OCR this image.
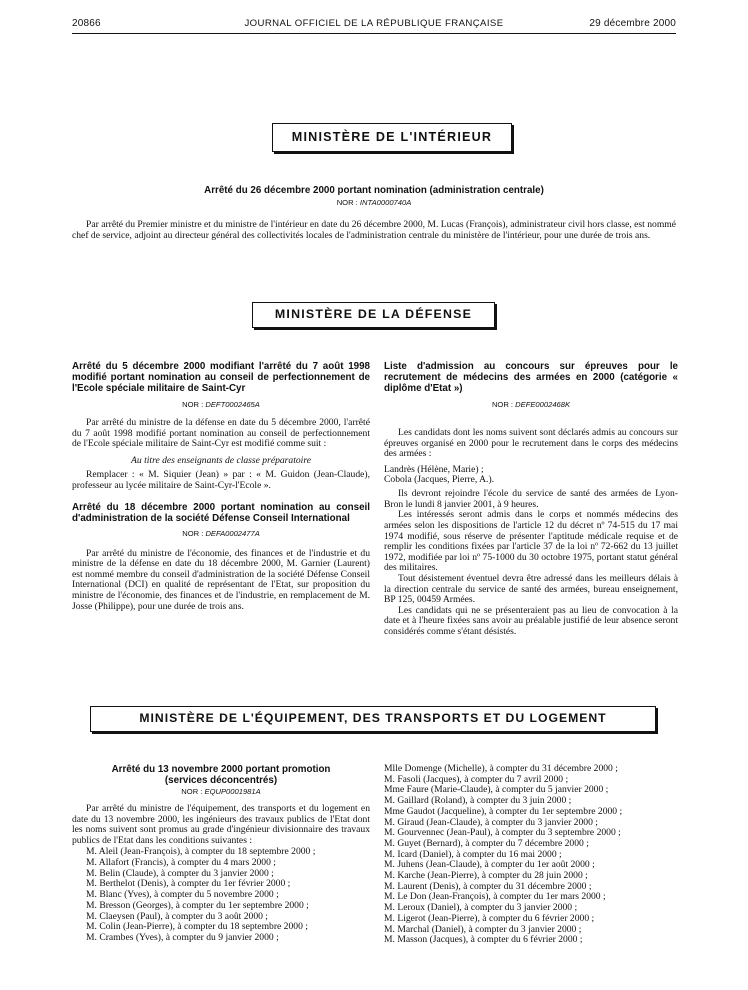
20866	JOURNAL OFFICIEL DE LA RÉPUBLIQUE FRANÇAISE	29 décembre 2000
MINISTÈRE DE L'INTÉRIEUR
Arrêté du 26 décembre 2000 portant nomination (administration centrale)
NOR : INTA0000740A

Par arrêté du Premier ministre et du ministre de l'intérieur en date du 26 décembre 2000, M. Lucas (François), administrateur civil hors classe, est nommé chef de service, adjoint au directeur général des collectivités locales de l'administration centrale du ministère de l'intérieur, pour une durée de trois ans.

MINISTÈRE DE LA DÉFENSE
Arrêté du 5 décembre 2000 modifiant l'arrêté du 7 août 1998 modifié portant nomination au conseil de perfectionnement de l'Ecole spéciale militaire de Saint-Cyr
NOR : DEFT0002465A

Par arrêté du ministre de la défense en date du 5 décembre 2000, l'arrêté du 7 août 1998 modifié portant nomination au conseil de perfectionnement de l'Ecole spéciale militaire de Saint-Cyr est modifié comme suit :

Au titre des enseignants de classe préparatoire

Remplacer : « M. Siquier (Jean) » par : « M. Guidon (Jean-Claude), professeur au lycée militaire de Saint-Cyr-l'Ecole ».

Arrêté du 18 décembre 2000 portant nomination au conseil d'administration de la société Défense Conseil International
NOR : DEFA0002477A

Par arrêté du ministre de l'économie, des finances et de l'industrie et du ministre de la défense en date du 18 décembre 2000, M. Garnier (Laurent) est nommé membre du conseil d'administration de la société Défense Conseil International (DCI) en qualité de représentant de l'Etat, sur proposition du ministre de l'économie, des finances et de l'industrie, en remplacement de M. Josse (Philippe), pour une durée de trois ans.

Liste d'admission au concours sur épreuves pour le recrutement de médecins des armées en 2000 (catégorie « diplôme d'Etat »)
NOR : DEFE0002468K

Les candidats dont les noms suivent sont déclarés admis au concours sur épreuves organisé en 2000 pour le recrutement dans le corps des médecins des armées :

Landrès (Hélène, Marie) ;
Cobola (Jacques, Pierre, A.).

Ils devront rejoindre l'école du service de santé des armées de Lyon-Bron le lundi 8 janvier 2001, à 9 heures.

Les intéressés seront admis dans le corps et nommés médecins des armées selon les dispositions de l'article 12 du décret nº 74-515 du 17 mai 1974 modifié, sous réserve de présenter l'aptitude médicale requise et de remplir les conditions fixées par l'article 37 de la loi nº 72-662 du 13 juillet 1972, modifiée par loi nº 75-1000 du 30 octobre 1975, portant statut général des militaires.

Tout désistement éventuel devra être adressé dans les meilleurs délais à la direction centrale du service de santé des armées, bureau enseignement, BP 125, 00459 Armées.

Les candidats qui ne se présenteraient pas au lieu de convocation à la date et à l'heure fixées sans avoir au préalable justifié de leur absence seront considérés comme s'étant désistés.

MINISTÈRE DE L'ÉQUIPEMENT, DES TRANSPORTS ET DU LOGEMENT
Arrêté du 13 novembre 2000 portant promotion (services déconcentrés)
NOR : EQUP0001981A

Par arrêté du ministre de l'équipement, des transports et du logement en date du 13 novembre 2000, les ingénieurs des travaux publics de l'Etat dont les noms suivent sont promus au grade d'ingénieur divisionnaire des travaux publics de l'Etat dans les conditions suivantes :

M. Aleil (Jean-François), à compter du 18 septembre 2000 ;
M. Allafort (Francis), à compter du 4 mars 2000 ;
M. Belin (Claude), à compter du 3 janvier 2000 ;
M. Berthelot (Denis), à compter du 1er février 2000 ;
M. Blanc (Yves), à compter du 5 novembre 2000 ;
M. Bresson (Georges), à compter du 1er septembre 2000 ;
M. Claeysen (Paul), à compter du 3 août 2000 ;
M. Colin (Jean-Pierre), à compter du 18 septembre 2000 ;
M. Crambes (Yves), à compter du 9 janvier 2000 ;
Mlle Domenge (Michelle), à compter du 31 décembre 2000 ;
M. Fasoli (Jacques), à compter du 7 avril 2000 ;
Mme Faure (Marie-Claude), à compter du 5 janvier 2000 ;
M. Gaillard (Roland), à compter du 3 juin 2000 ;
Mme Gaudot (Jacqueline), à compter du 1er septembre 2000 ;
M. Giraud (Jean-Claude), à compter du 3 janvier 2000 ;
M. Gourvennec (Jean-Paul), à compter du 3 septembre 2000 ;
M. Guyet (Bernard), à compter du 7 décembre 2000 ;
M. Icard (Daniel), à compter du 16 mai 2000 ;
M. Juhens (Jean-Claude), à compter du 1er août 2000 ;
M. Karche (Jean-Pierre), à compter du 28 juin 2000 ;
M. Laurent (Denis), à compter du 31 décembre 2000 ;
M. Le Don (Jean-François), à compter du 1er mars 2000 ;
M. Leroux (Daniel), à compter du 3 janvier 2000 ;
M. Ligerot (Jean-Pierre), à compter du 6 février 2000 ;
M. Marchal (Daniel), à compter du 3 janvier 2000 ;
M. Masson (Jacques), à compter du 6 février 2000 ;
